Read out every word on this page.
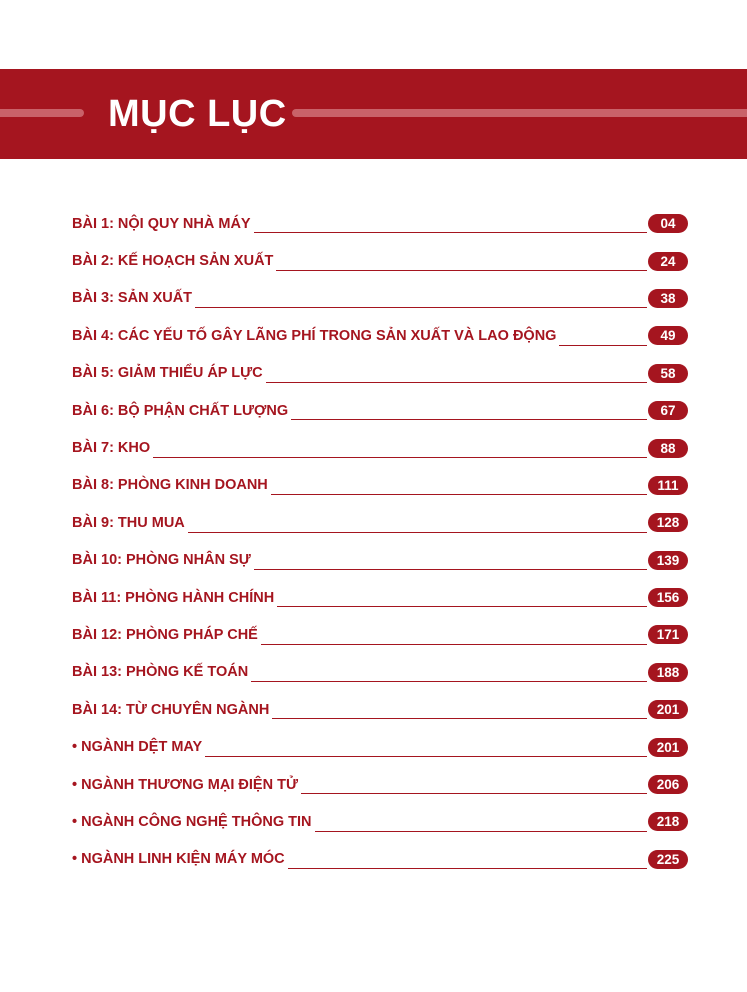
MỤC LỤC
BÀI 1: NỘI QUY NHÀ MÁY	04
BÀI 2: KẾ HOẠCH SẢN XUẤT	24
BÀI 3: SẢN XUẤT	38
BÀI 4: CÁC YẾU TỐ GÂY LÃNG PHÍ TRONG SẢN XUẤT VÀ LAO ĐỘNG	49
BÀI 5: GIẢM THIỂU ÁP LỰC	58
BÀI 6: BỘ PHẬN CHẤT LƯỢNG	67
BÀI 7: KHO	88
BÀI 8: PHÒNG KINH DOANH	111
BÀI 9: THU MUA	128
BÀI 10: PHÒNG NHÂN SỰ	139
BÀI 11: PHÒNG HÀNH CHÍNH	156
BÀI 12: PHÒNG PHÁP CHẾ	171
BÀI 13: PHÒNG KẾ TOÁN	188
BÀI 14: TỪ CHUYÊN NGÀNH	201
• NGÀNH DỆT MAY	201
• NGÀNH THƯƠNG MẠI ĐIỆN TỬ	206
• NGÀNH CÔNG NGHỆ THÔNG TIN	218
• NGÀNH LINH KIỆN MÁY MÓC	225
